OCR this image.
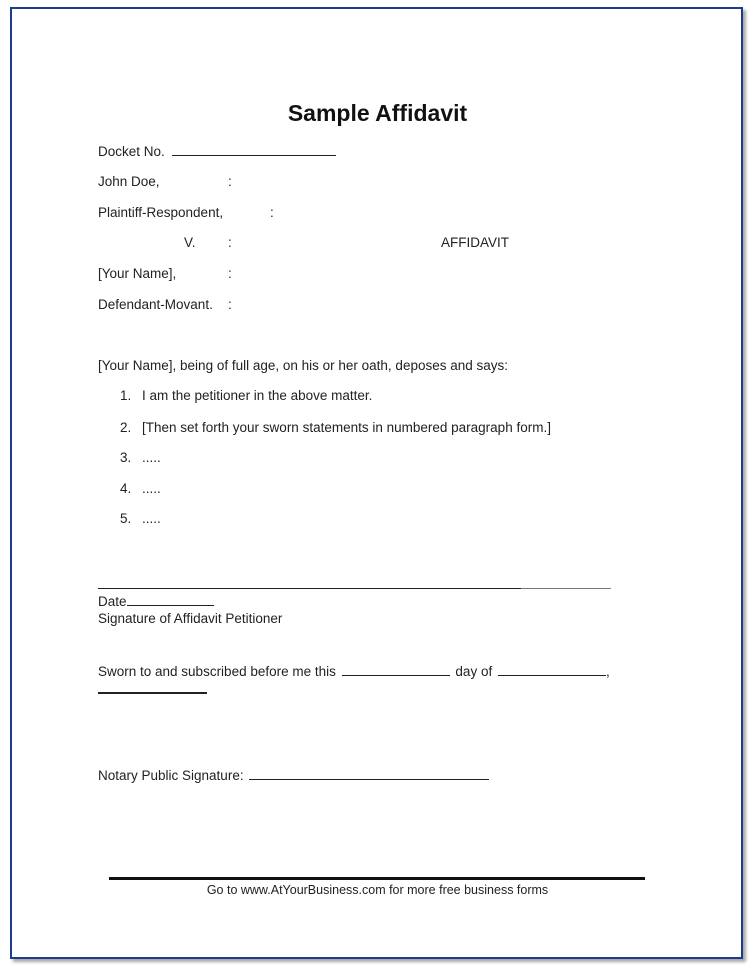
Sample Affidavit
Docket No.
John Doe,	:
Plaintiff-Respondent,	:
V. :	AFFIDAVIT
[Your Name],	:
Defendant-Movant. :
[Your Name], being of full age, on his or her oath, deposes and says:
1. I am the petitioner in the above matter.
2. [Then set forth your sworn statements in numbered paragraph form.]
3. .....
4. .....
5. .....
Date
Signature of Affidavit Petitioner
Sworn to and subscribed before me this	day of	,
Notary Public Signature:
Go to www.AtYourBusiness.com for more free business forms
